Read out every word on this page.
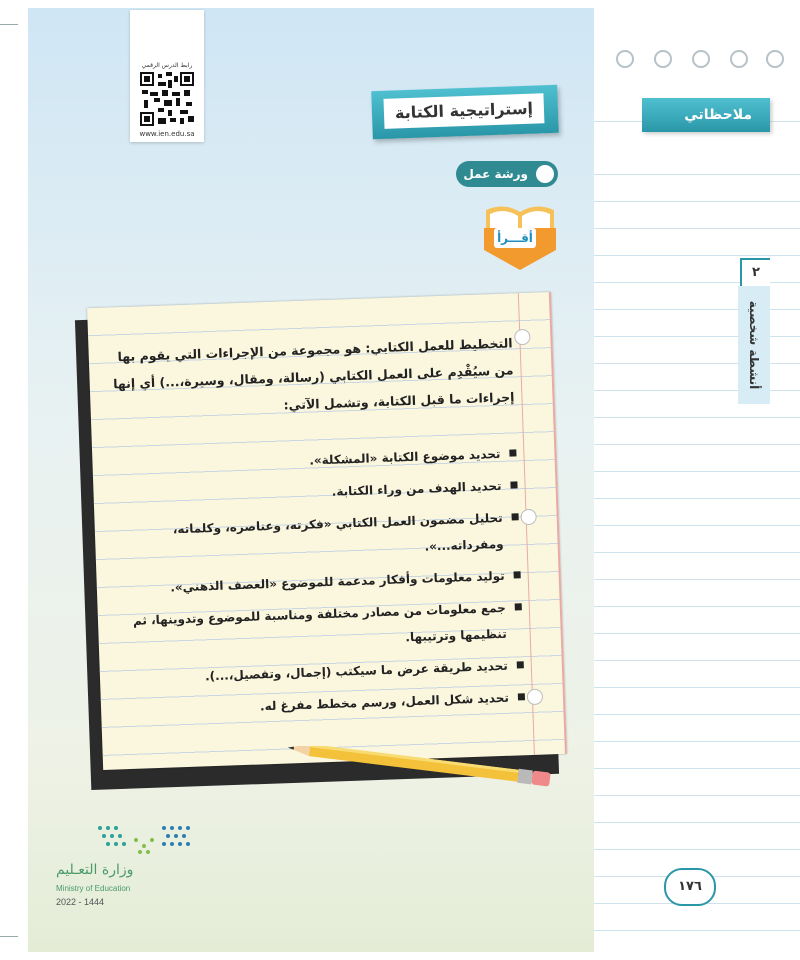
رابط الدرس الرقمي
www.ien.edu.sa
إستراتيجية الكتابة
ورشة عمل
أقـــرأ

التخطيط للعمل الكتابي: هو مجموعة من الإجراءات التي يقوم بها من سيُقْدِم على العمل الكتابي (رسالة، ومقال، وسيرة،...) أي إنها إجراءات ما قبل الكتابة، وتشمل الآتي:

تحديد موضوع الكتابة «المشكلة».
تحديد الهدف من وراء الكتابة.
تحليل مضمون العمل الكتابي «فكرته، وعناصره، وكلماته، ومفرداته...».
توليد معلومات وأفكار مدعمة للموضوع «العصف الذهني».
جمع معلومات من مصادر مختلفة ومناسبة للموضوع وتدوينها، ثم تنظيمها وترتيبها.
تحديد طريقة عرض ما سيكتب (إجمال، وتفصيل،...).
تحديد شكل العمل، ورسم مخطط مفرغ له.
وزارة التعـليم
Ministry of Education
2022 - 1444
ملاحظاتي
٢
أنشطة شخصية
١٧٦
